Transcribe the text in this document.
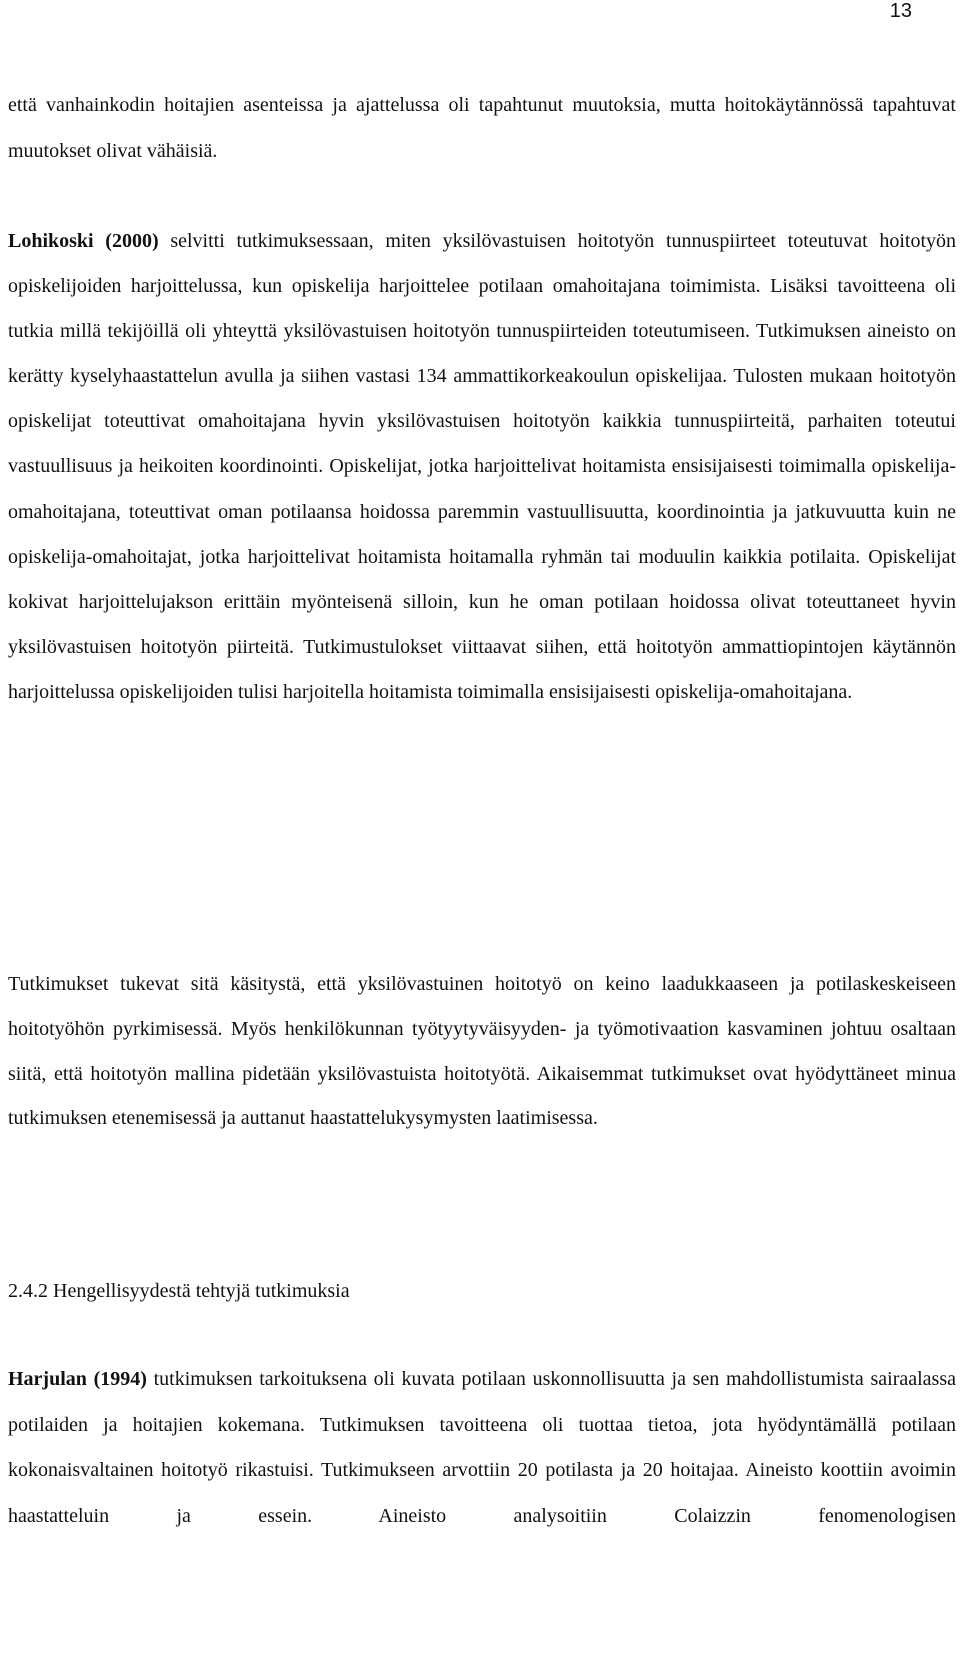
13

että vanhainkodin hoitajien asenteissa ja ajattelussa oli tapahtunut muutoksia, mutta hoitokäytännössä tapahtuvat muutokset olivat vähäisiä.

Lohikoski (2000) selvitti tutkimuksessaan, miten yksilövastuisen hoitotyön tunnuspiirteet toteutuvat hoitotyön opiskelijoiden harjoittelussa, kun opiskelija harjoittelee potilaan omahoitajana toimimista. Lisäksi tavoitteena oli tutkia millä tekijöillä oli yhteyttä yksilövastuisen hoitotyön tunnuspiirteiden toteutumiseen. Tutkimuksen aineisto on kerätty kyselyhaastattelun avulla ja siihen vastasi 134 ammattikorkeakoulun opiskelijaa. Tulosten mukaan hoitotyön opiskelijat toteuttivat omahoitajana hyvin yksilövastuisen hoitotyön kaikkia tunnuspiirteitä, parhaiten toteutui vastuullisuus ja heikoiten koordinointi. Opiskelijat, jotka harjoittelivat hoitamista ensisijaisesti toimimalla opiskelija-omahoitajana, toteuttivat oman potilaansa hoidossa paremmin vastuullisuutta, koordinointia ja jatkuvuutta kuin ne opiskelija-omahoitajat, jotka harjoittelivat hoitamista hoitamalla ryhmän tai moduulin kaikkia potilaita. Opiskelijat kokivat harjoittelujakson erittäin myönteisenä silloin, kun he oman potilaan hoidossa olivat toteuttaneet hyvin yksilövastuisen hoitotyön piirteitä. Tutkimustulokset viittaavat siihen, että hoitotyön ammattiopintojen käytännön harjoittelussa opiskelijoiden tulisi harjoitella hoitamista toimimalla ensisijaisesti opiskelija-omahoitajana.

Tutkimukset tukevat sitä käsitystä, että yksilövastuinen hoitotyö on keino laadukkaaseen ja potilaskeskeiseen hoitotyöhön pyrkimisessä. Myös henkilökunnan työtyytyväisyyden- ja työmotivaation kasvaminen johtuu osaltaan siitä, että hoitotyön mallina pidetään yksilövastuista hoitotyötä. Aikaisemmat tutkimukset ovat hyödyttäneet minua tutkimuksen etenemisessä ja auttanut haastattelukysymysten laatimisessa.

2.4.2 Hengellisyydestä tehtyjä tutkimuksia

Harjulan (1994) tutkimuksen tarkoituksena oli kuvata potilaan uskonnollisuutta ja sen mahdollistumista sairaalassa potilaiden ja hoitajien kokemana. Tutkimuksen tavoitteena oli tuottaa tietoa, jota hyödyntämällä potilaan kokonaisvaltainen hoitotyö rikastuisi. Tutkimukseen arvottiin 20 potilasta ja 20 hoitajaa. Aineisto koottiin avoimin haastatteluin ja essein. Aineisto analysoitiin Colaizzin fenomenologisen
